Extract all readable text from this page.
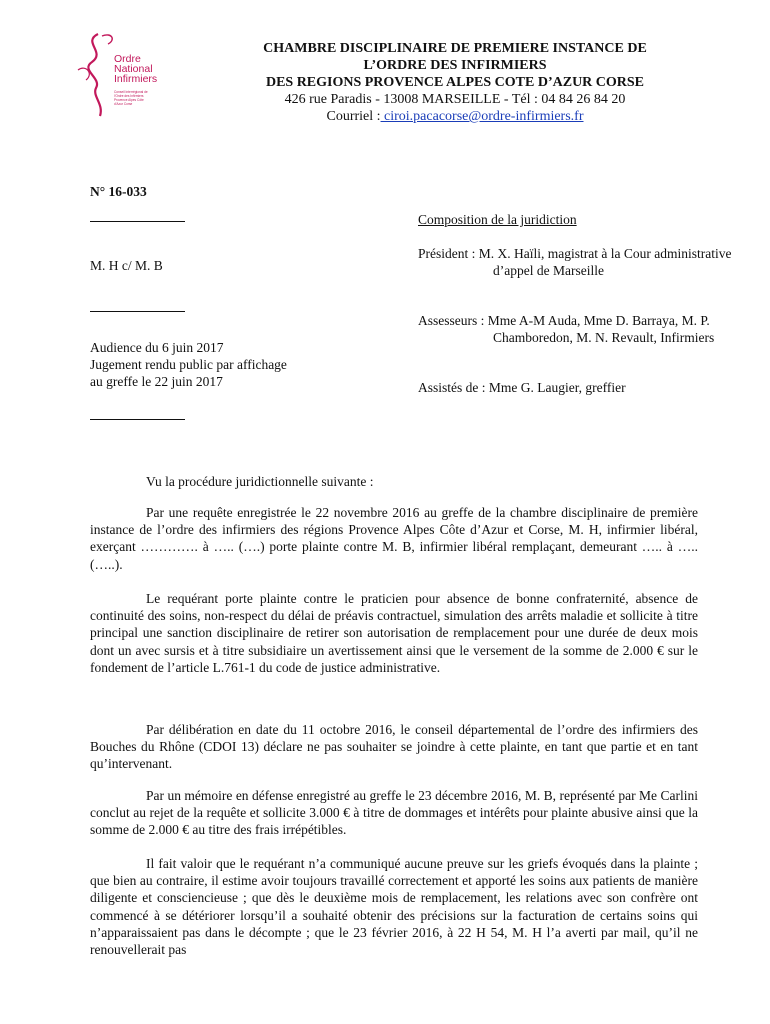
Ordre
National
Infirmiers
Conseil Interrégional de l'Ordre des Infirmiers Provence Alpes Côte d'Azur Corse
CHAMBRE DISCIPLINAIRE DE PREMIERE INSTANCE DE
L’ORDRE DES INFIRMIERS
DES REGIONS PROVENCE ALPES COTE D’AZUR CORSE
426 rue Paradis - 13008 MARSEILLE - Tél : 04 84 26 84 20
Courriel : ciroi.pacacorse@ordre-infirmiers.fr
N° 16-033
M. H c/ M. B
Audience du 6 juin 2017
Jugement rendu public par affichage
au greffe le 22 juin 2017
Composition de la juridiction
Président : M. X. Haïli, magistrat à la Cour administrative d’appel de Marseille
Assesseurs : Mme A-M Auda, Mme D. Barraya, M. P. Chamboredon, M. N. Revault, Infirmiers
Assistés de : Mme G. Laugier, greffier

Vu la procédure juridictionnelle suivante :

Par une requête enregistrée le 22 novembre 2016 au greffe de la chambre disciplinaire de première instance de l’ordre des infirmiers des régions Provence Alpes Côte d’Azur et Corse, M. H, infirmier libéral, exerçant …………. à ….. (….) porte plainte contre M. B, infirmier libéral remplaçant, demeurant ….. à ….. (…..).

Le requérant porte plainte contre le praticien pour absence de bonne confraternité, absence de continuité des soins, non-respect du délai de préavis contractuel, simulation des arrêts maladie et sollicite à titre principal une sanction disciplinaire de retirer son autorisation de remplacement pour une durée de deux mois dont un avec sursis et à titre subsidiaire un avertissement ainsi que le versement de la somme de 2.000 € sur le fondement de l’article L.761-1 du code de justice administrative.

Par délibération en date du 11 octobre 2016, le conseil départemental de l’ordre des infirmiers des Bouches du Rhône (CDOI 13) déclare ne pas souhaiter se joindre à cette plainte, en tant que partie et en tant qu’intervenant.

Par un mémoire en défense enregistré au greffe le 23 décembre 2016, M. B, représenté par Me Carlini conclut au rejet de la requête et sollicite 3.000 € à titre de dommages et intérêts pour plainte abusive ainsi que la somme de 2.000 € au titre des frais irrépétibles.

Il fait valoir que le requérant n’a communiqué aucune preuve sur les griefs évoqués dans la plainte ; que bien au contraire, il estime avoir toujours travaillé correctement et apporté les soins aux patients de manière diligente et consciencieuse ; que dès le deuxième mois de remplacement, les relations avec son confrère ont commencé à se détériorer lorsqu’il a souhaité obtenir des précisions sur la facturation de certains soins qui n’apparaissaient pas dans le décompte ; que le 23 février 2016, à 22 H 54, M. H l’a averti par mail, qu’il ne renouvellerait pas
